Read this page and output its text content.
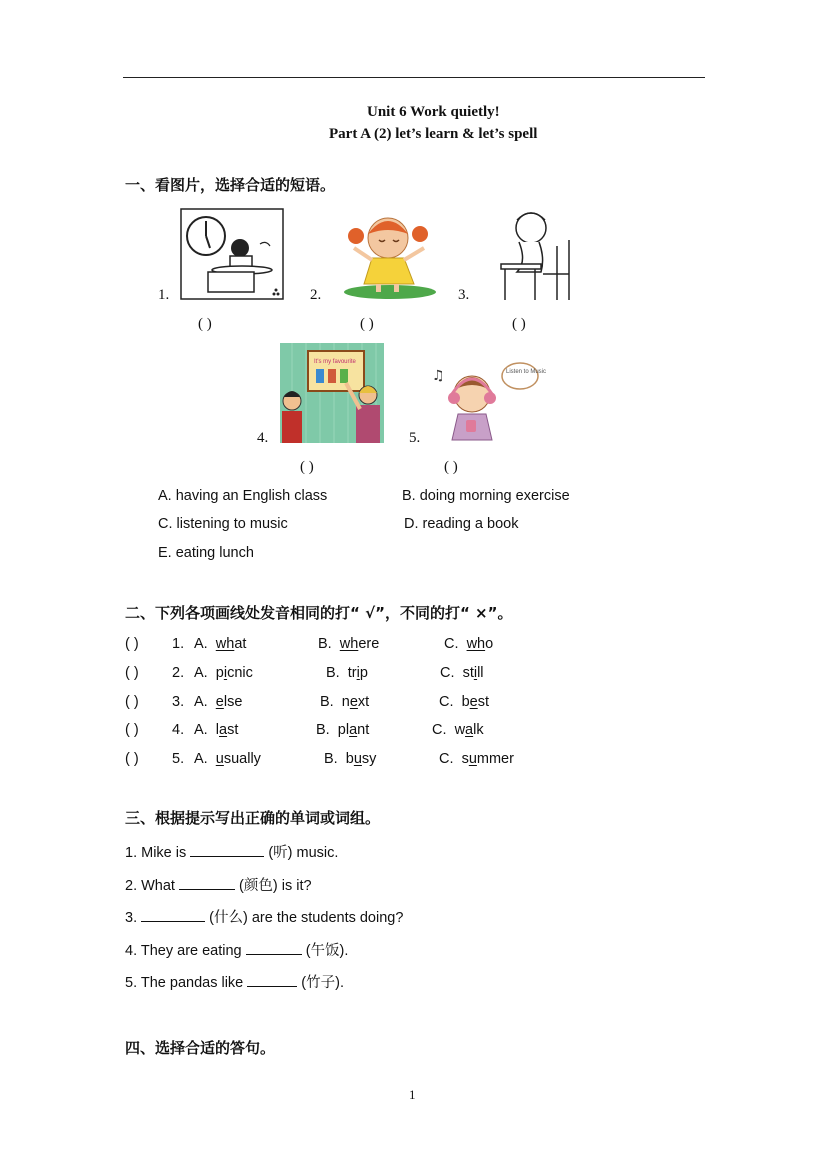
Unit 6 Work quietly!
Part A (2) let’s learn & let’s spell
一、看图片，选择合适的短语。
1.
( )
2.
( )
3.
( )
4.
It's my favourite
( )
5.
♫	Listen to Music
( )
A. having an English class	B. doing morning exercise
C. listening to music	D. reading a book
E. eating lunch
二、下列各项画线处发音相同的打“ √”，不同的打“ ×”。
( ) 1. A. what	B. where	C. who
( ) 2. A. picnic	B. trip	C. still
( ) 3. A. else	B. next	C. best
( ) 4. A. last	B. plant	C. walk
( ) 5. A. usually	B. busy	C. summer
三、根据提示写出正确的单词或词组。
1. Mike is	(听) music.
2. What	(颜色) is it?
3.	(什么) are the students doing?
4. They are eating	(午饭).
5. The pandas like	(竹子).
四、选择合适的答句。
1
